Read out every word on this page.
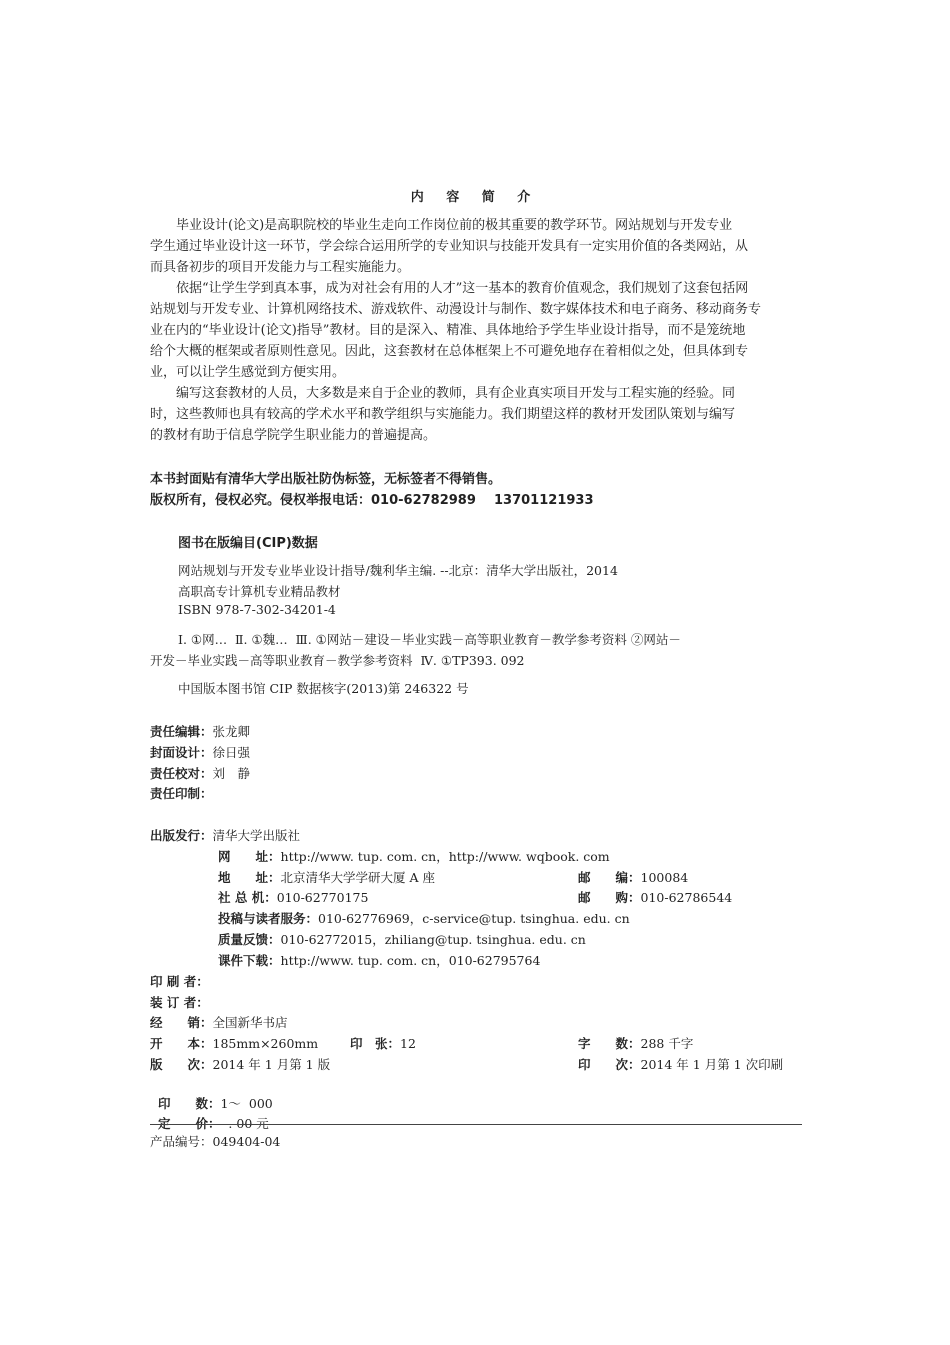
内 容 简 介
毕业设计(论文)是高职院校的毕业生走向工作岗位前的极其重要的教学环节。网站规划与开发专业
学生通过毕业设计这一环节，学会综合运用所学的专业知识与技能开发具有一定实用价值的各类网站，从
而具备初步的项目开发能力与工程实施能力。
依据“让学生学到真本事，成为对社会有用的人才”这一基本的教育价值观念，我们规划了这套包括网
站规划与开发专业、计算机网络技术、游戏软件、动漫设计与制作、数字媒体技术和电子商务、移动商务专
业在内的“毕业设计(论文)指导”教材。目的是深入、精准、具体地给予学生毕业设计指导，而不是笼统地
给个大概的框架或者原则性意见。因此，这套教材在总体框架上不可避免地存在着相似之处，但具体到专
业，可以让学生感觉到方便实用。
编写这套教材的人员，大多数是来自于企业的教师，具有企业真实项目开发与工程实施的经验。同
时，这些教师也具有较高的学术水平和教学组织与实施能力。我们期望这样的教材开发团队策划与编写
的教材有助于信息学院学生职业能力的普遍提高。
本书封面贴有清华大学出版社防伪标签，无标签者不得销售。
版权所有，侵权必究。侵权举报电话：010-62782989    13701121933
图书在版编目(CIP)数据
网站规划与开发专业毕业设计指导/魏利华主编. --北京：清华大学出版社，2014
高职高专计算机专业精品教材
ISBN 978-7-302-34201-4
Ⅰ. ①网…  Ⅱ. ①魏…  Ⅲ. ①网站－建设－毕业实践－高等职业教育－教学参考资料 ②网站－
开发－毕业实践－高等职业教育－教学参考资料  Ⅳ. ①TP393. 092
中国版本图书馆 CIP 数据核字(2013)第 246322 号
责任编辑：张龙卿
封面设计：徐日强
责任校对：刘　静
责任印制：
出版发行：清华大学出版社
网　　址：http://www. tup. com. cn，http://www. wqbook. com
地　　址：北京清华大学学研大厦 A 座	邮　　编：100084
社 总 机：010-62770175	邮　　购：010-62786544
投稿与读者服务：010-62776969，c-service@tup. tsinghua. edu. cn
质量反馈：010-62772015，zhiliang@tup. tsinghua. edu. cn
课件下载：http://www. tup. com. cn，010-62795764
印 刷 者：
装 订 者：
经　　销：全国新华书店
开　　本：185mm×260mm	印　张：12	字　　数：288 千字
版　　次：2014 年 1 月第 1 版	印　　次：2014 年 1 月第 1 次印刷

印　　数：1～  000

定　　价：  . 00 元

产品编号：049404-04
